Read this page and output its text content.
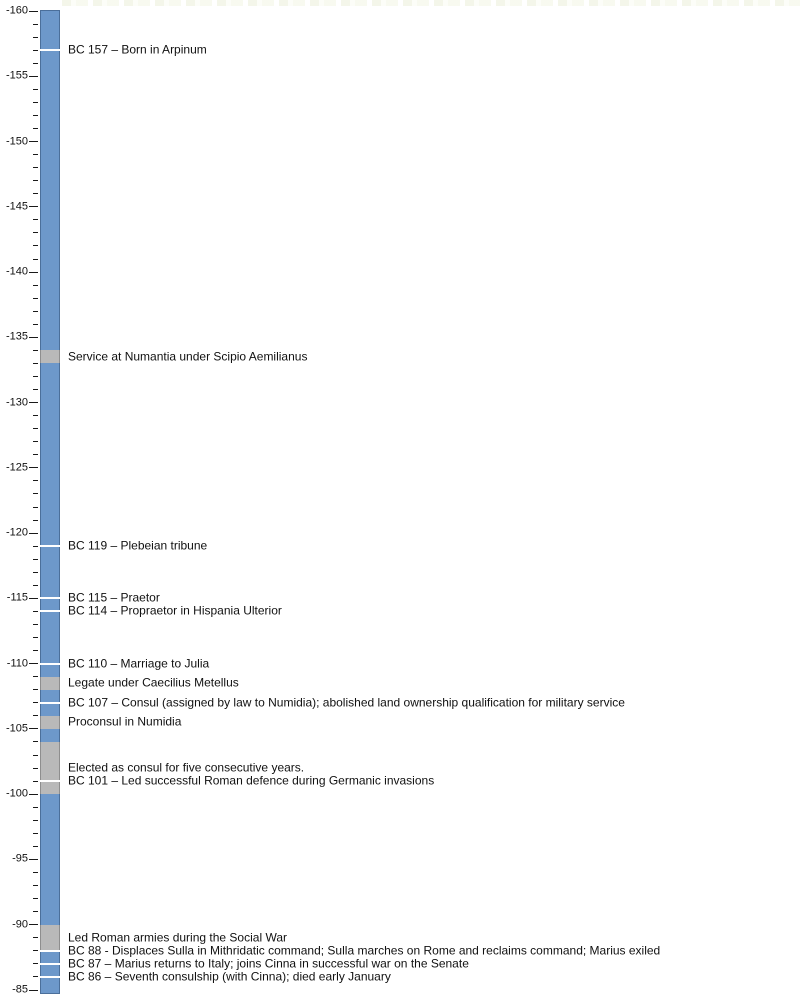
Service at Numantia under Scipio Aemilianus
Legate under Caecilius Metellus
Proconsul in Numidia
Elected as consul for five consecutive years.
Led Roman armies during the Social War
BC 157 – Born in Arpinum
BC 119 – Plebeian tribune
BC 115 – Praetor
BC 114 – Propraetor in Hispania Ulterior
BC 110 – Marriage to Julia
BC 107 – Consul (assigned by law to Numidia); abolished land ownership qualification for military service
BC 101 – Led successful Roman defence during Germanic invasions
BC 88 - Displaces Sulla in Mithridatic command; Sulla marches on Rome and reclaims command; Marius exiled
BC 87 – Marius returns to Italy; joins Cinna in successful war on the Senate
BC 86 – Seventh consulship (with Cinna); died early January
-160
-155
-150
-145
-140
-135
-130
-125
-120
-115
-110
-105
-100
-95
-90
-85
